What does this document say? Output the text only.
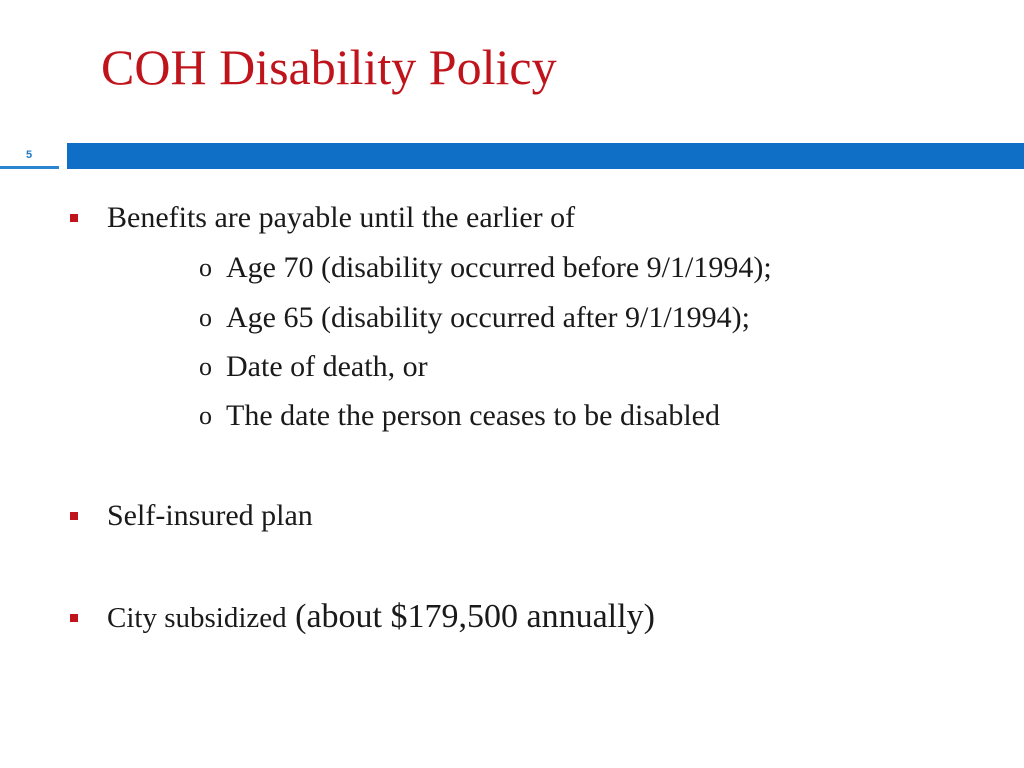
COH Disability Policy
5
Benefits are payable until the earlier of
o Age 70 (disability occurred before 9/1/1994);
o Age 65 (disability occurred after 9/1/1994);
o Date of death, or
o The date the person ceases to be disabled
Self-insured plan
City subsidized (about $179,500 annually)
